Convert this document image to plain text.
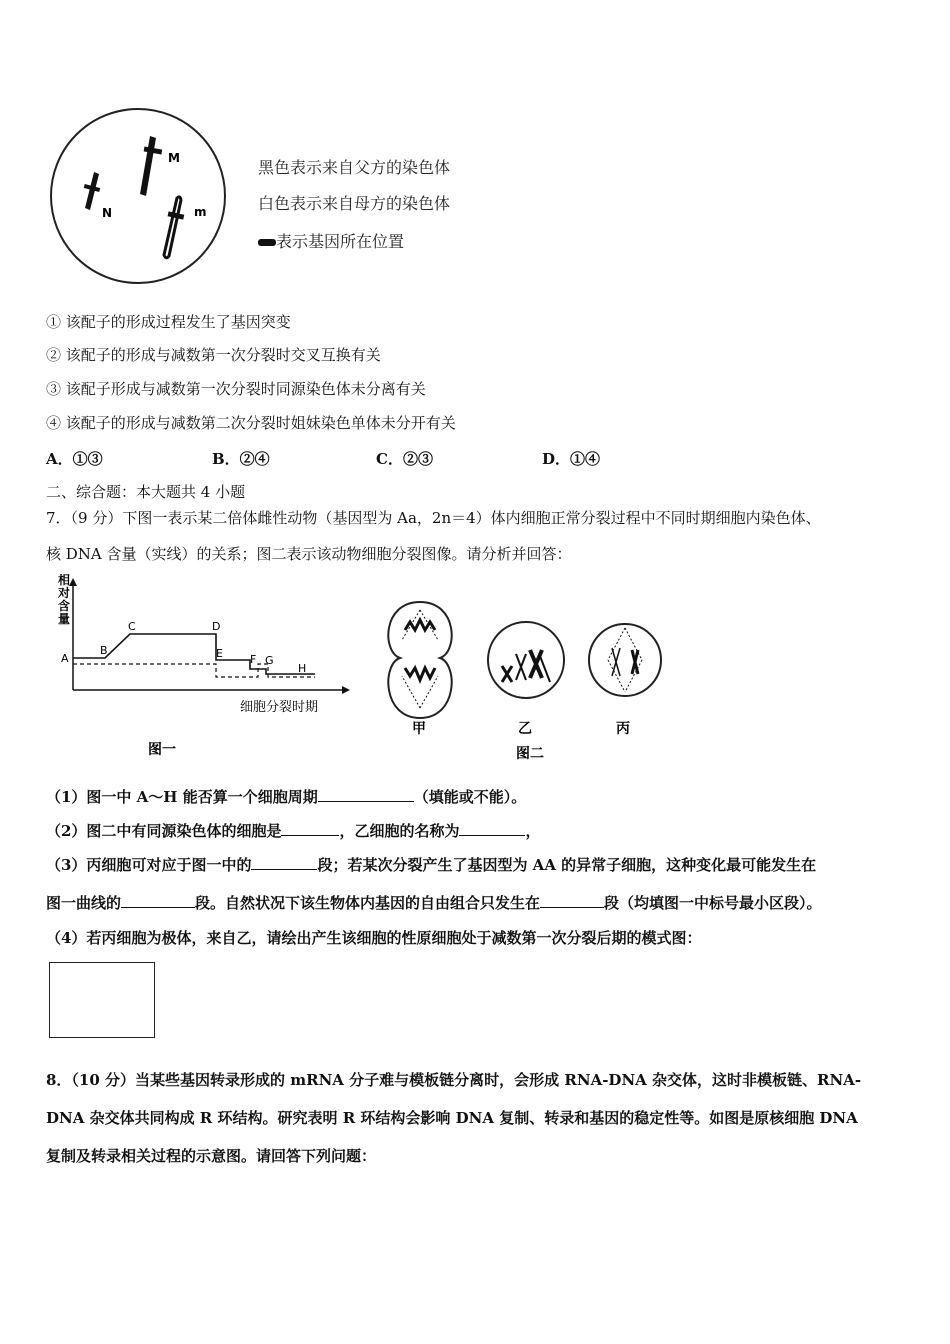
M
N	m
黑色表示来自父方的染色体
白色表示来自母方的染色体
表示基因所在位置
① 该配子的形成过程发生了基因突变
② 该配子的形成与减数第一次分裂时交叉互换有关
③ 该配子形成与减数第一次分裂时同源染色体未分离有关
④ 该配子的形成与减数第二次分裂时姐妹染色单体未分开有关
A．①③	B．②④	C．②③	D．①④
二、综合题：本大题共 4 小题
7．（9 分）下图一表示某二倍体雌性动物（基因型为 Aa，2n＝4）体内细胞正常分裂过程中不同时期细胞内染色体、
核 DNA 含量（实线）的关系；图二表示该动物细胞分裂图像。请分析并回答：
相
对
含
量
A
B
C	D
E F G
H
细胞分裂时期
图一
甲	乙	丙
图二
（1）图一中 A～H 能否算一个细胞周期	（填能或不能）。
（2）图二中有同源染色体的细胞是	，乙细胞的名称为	，
（3）丙细胞可对应于图一中的	段；若某次分裂产生了基因型为 AA 的异常子细胞，这种变化最可能发生在
图一曲线的	段。自然状况下该生物体内基因的自由组合只发生在	段（均填图一中标号最小区段）。
（4）若丙细胞为极体，来自乙，请绘出产生该细胞的性原细胞处于减数第一次分裂后期的模式图：
8．（10 分）当某些基因转录形成的 mRNA 分子难与模板链分离时，会形成 RNA-DNA 杂交体，这时非模板链、RNA-
DNA 杂交体共同构成 R 环结构。研究表明 R 环结构会影响 DNA 复制、转录和基因的稳定性等。如图是原核细胞 DNA
复制及转录相关过程的示意图。请回答下列问题：
